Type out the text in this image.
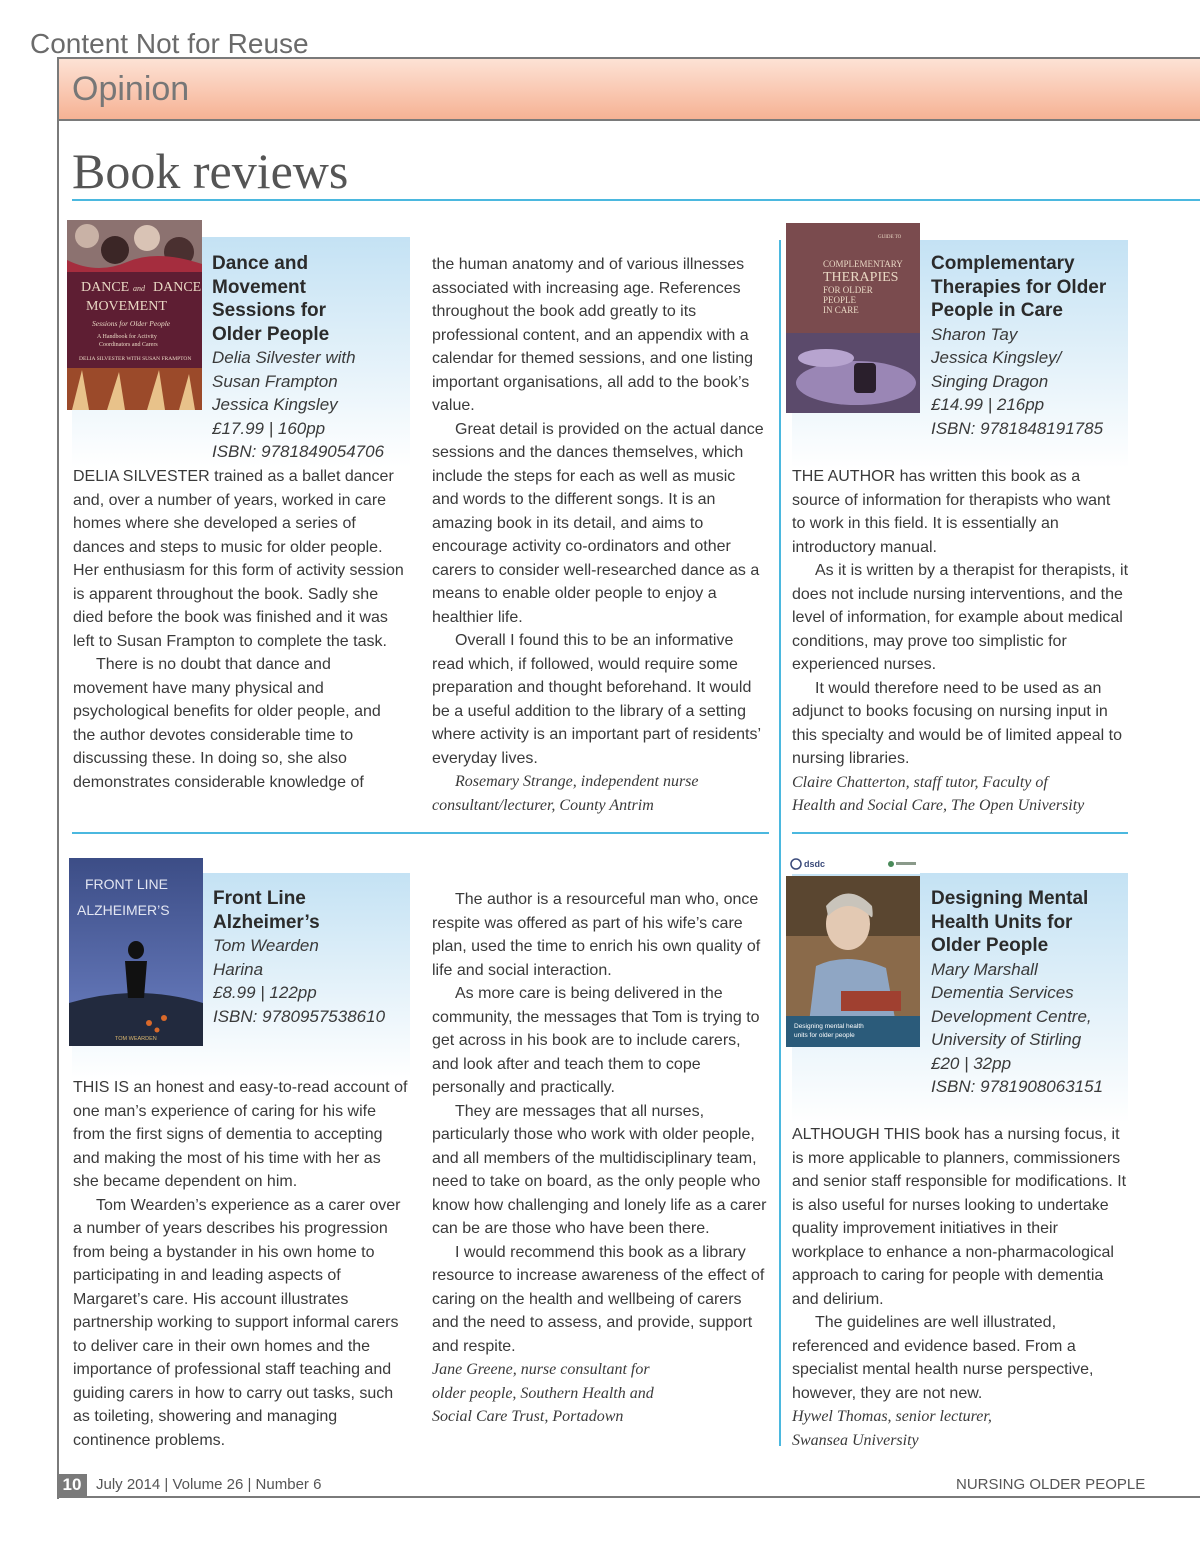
Content Not for Reuse
Opinion
Book reviews
DANCE and DANCE
MOVEMENT
Sessions for Older People
A Handbook for Activity
Coordinators and Carers
DELIA SILVESTER WITH SUSAN FRAMPTON
Dance and Movement
Sessions for
Older People
Delia Silvester with
Susan Frampton
Jessica Kingsley
£17.99 | 160pp
ISBN: 9781849054706

DELIA SILVESTER trained as a ballet dancer and, over a number of years, worked in care homes where she developed a series of dances and steps to music for older people. Her enthusiasm for this form of activity session is apparent throughout the book. Sadly she died before the book was finished and it was left to Susan Frampton to complete the task.

There is no doubt that dance and movement have many physical and psychological benefits for older people, and the author devotes considerable time to discussing these. In doing so, she also demonstrates considerable knowledge of

the human anatomy and of various illnesses associated with increasing age. References throughout the book add greatly to its professional content, and an appendix with a calendar for themed sessions, and one listing important organisations, all add to the book’s value.

Great detail is provided on the actual dance sessions and the dances themselves, which include the steps for each as well as music and words to the different songs. It is an amazing book in its detail, and aims to encourage activity co-ordinators and other carers to consider well-researched dance as a means to enable older people to enjoy a healthier life.

Overall I found this to be an informative read which, if followed, would require some preparation and thought beforehand. It would be a useful addition to the library of a setting where activity is an important part of residents’ everyday lives.

Rosemary Strange, independent nurse

consultant/lecturer, County Antrim

GUIDE TO
COMPLEMENTARY
THERAPIES
FOR OLDER
PEOPLE
IN CARE
Complementary
Therapies for Older
People in Care
Sharon Tay
Jessica Kingsley/
Singing Dragon
£14.99 | 216pp
ISBN: 9781848191785

THE AUTHOR has written this book as a source of information for therapists who want to work in this field. It is essentially an introductory manual.

As it is written by a therapist for therapists, it does not include nursing interventions, and the level of information, for example about medical conditions, may prove too simplistic for experienced nurses.

It would therefore need to be used as an adjunct to books focusing on nursing input in this specialty and would be of limited appeal to nursing libraries.

Claire Chatterton, staff tutor, Faculty of

Health and Social Care, The Open University

FRONT LINE
ALZHEIMER’S
TOM WEARDEN
Front Line Alzheimer’s
Tom Wearden
Harina
£8.99 | 122pp
ISBN: 9780957538610

THIS IS an honest and easy-to-read account of one man’s experience of caring for his wife from the first signs of dementia to accepting and making the most of his time with her as she became dependent on him.

Tom Wearden’s experience as a carer over a number of years describes his progression from being a bystander in his own home to participating in and leading aspects of Margaret’s care. His account illustrates partnership working to support informal carers to deliver care in their own homes and the importance of professional staff teaching and guiding carers in how to carry out tasks, such as toileting, showering and managing continence problems.

The author is a resourceful man who, once respite was offered as part of his wife’s care plan, used the time to enrich his own quality of life and social interaction.

As more care is being delivered in the community, the messages that Tom is trying to get across in his book are to include carers, and look after and teach them to cope personally and practically.

They are messages that all nurses, particularly those who work with older people, and all members of the multidisciplinary team, need to take on board, as the only people who know how challenging and lonely life as a carer can be are those who have been there.

I would recommend this book as a library resource to increase awareness of the effect of caring on the health and wellbeing of carers and the need to assess, and provide, support and respite.

Jane Greene, nurse consultant for

older people, Southern Health and

Social Care Trust, Portadown

dsdc
Designing mental health
units for older people
Designing Mental
Health Units for
Older People
Mary Marshall
Dementia Services
Development Centre,
University of Stirling
£20 | 32pp
ISBN: 9781908063151

ALTHOUGH THIS book has a nursing focus, it is more applicable to planners, commissioners and senior staff responsible for modifications. It is also useful for nurses looking to undertake quality improvement initiatives in their workplace to enhance a non-pharmacological approach to caring for people with dementia and delirium.

The guidelines are well illustrated, referenced and evidence based. From a specialist mental health nurse perspective, however, they are not new.

Hywel Thomas, senior lecturer,

Swansea University

10 July 2014 | Volume 26 | Number 6	NURSING OLDER PEOPLE
